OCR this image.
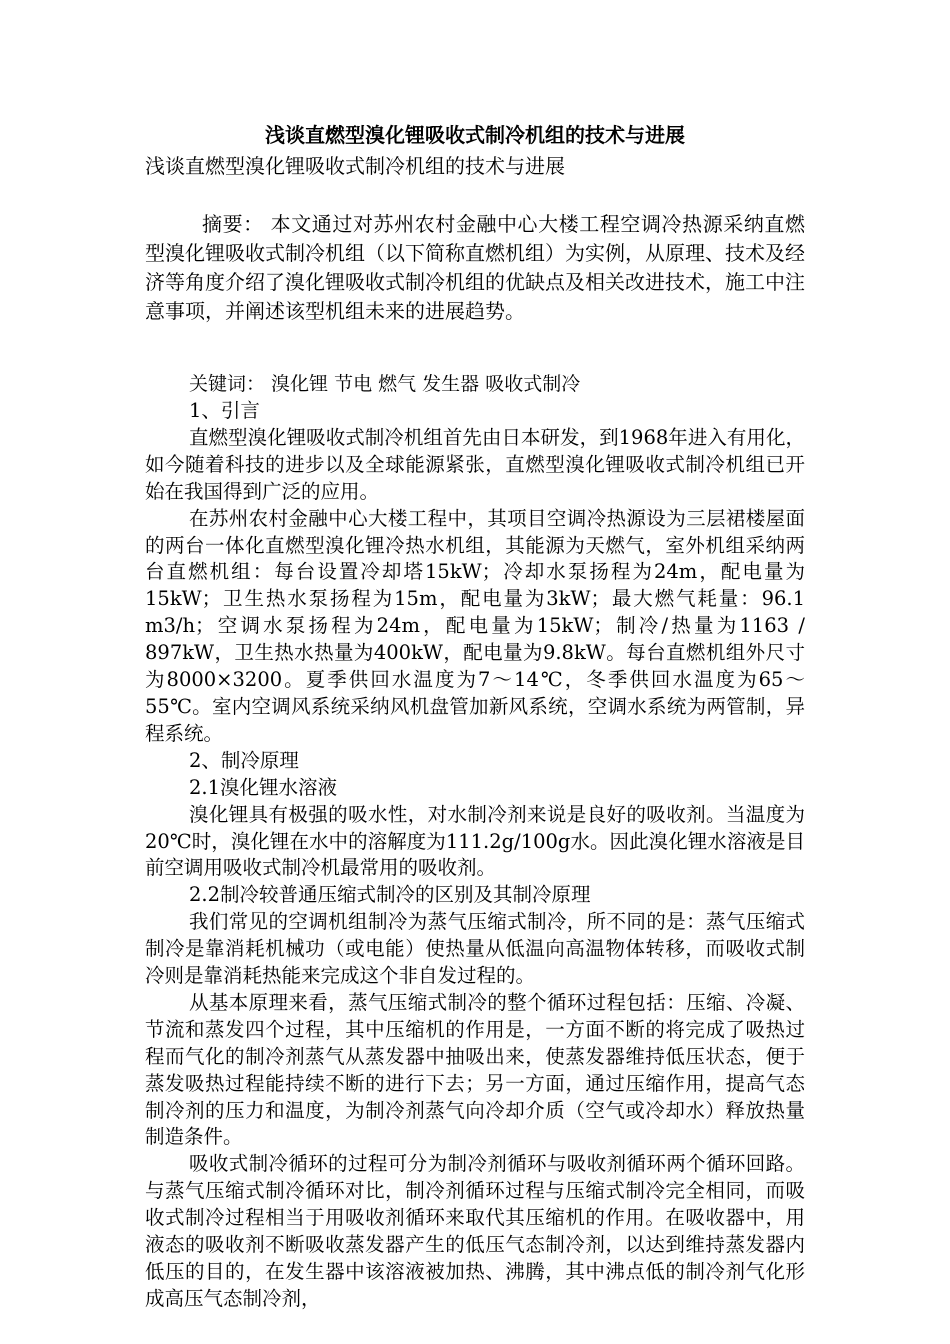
浅谈直燃型溴化锂吸收式制冷机组的技术与进展

浅谈直燃型溴化锂吸收式制冷机组的技术与进展

摘要： 本文通过对苏州农村金融中心大楼工程空调冷热源采纳直燃型溴化锂吸收式制冷机组（以下简称直燃机组）为实例，从原理、技术及经济等角度介绍了溴化锂吸收式制冷机组的优缺点及相关改进技术，施工中注意事项，并阐述该型机组未来的进展趋势。

关键词： 溴化锂 节电 燃气 发生器 吸收式制冷

1、引言

直燃型溴化锂吸收式制冷机组首先由日本研发，到1968年进入有用化，如今随着科技的进步以及全球能源紧张，直燃型溴化锂吸收式制冷机组已开始在我国得到广泛的应用。

在苏州农村金融中心大楼工程中，其项目空调冷热源设为三层裙楼屋面的两台一体化直燃型溴化锂冷热水机组，其能源为天燃气，室外机组采纳两台直燃机组：每台设置冷却塔15kW；冷却水泵扬程为24m，配电量为15kW；卫生热水泵扬程为15m，配电量为3kW；最大燃气耗量：96.1 m3/h；空调水泵扬程为24m，配电量为15kW；制冷/热量为1163 / 897kW，卫生热水热量为400kW，配电量为9.8kW。每台直燃机组外尺寸为8000×3200。夏季供回水温度为7～14℃，冬季供回水温度为65～55℃。室内空调风系统采纳风机盘管加新风系统，空调水系统为两管制，异程系统。

2、制冷原理

2.1溴化锂水溶液

溴化锂具有极强的吸水性，对水制冷剂来说是良好的吸收剂。当温度为20℃时，溴化锂在水中的溶解度为111.2g/100g水。因此溴化锂水溶液是目前空调用吸收式制冷机最常用的吸收剂。

2.2制冷较普通压缩式制冷的区别及其制冷原理

我们常见的空调机组制冷为蒸气压缩式制冷，所不同的是：蒸气压缩式制冷是靠消耗机械功（或电能）使热量从低温向高温物体转移，而吸收式制冷则是靠消耗热能来完成这个非自发过程的。

从基本原理来看，蒸气压缩式制冷的整个循环过程包括：压缩、冷凝、节流和蒸发四个过程，其中压缩机的作用是，一方面不断的将完成了吸热过程而气化的制冷剂蒸气从蒸发器中抽吸出来，使蒸发器维持低压状态，便于蒸发吸热过程能持续不断的进行下去；另一方面，通过压缩作用，提高气态制冷剂的压力和温度，为制冷剂蒸气向冷却介质（空气或冷却水）释放热量制造条件。

吸收式制冷循环的过程可分为制冷剂循环与吸收剂循环两个循环回路。与蒸气压缩式制冷循环对比，制冷剂循环过程与压缩式制冷完全相同，而吸收式制冷过程相当于用吸收剂循环来取代其压缩机的作用。在吸收器中，用液态的吸收剂不断吸收蒸发器产生的低压气态制冷剂，以达到维持蒸发器内低压的目的，在发生器中该溶液被加热、沸腾，其中沸点低的制冷剂气化形成高压气态制冷剂，
